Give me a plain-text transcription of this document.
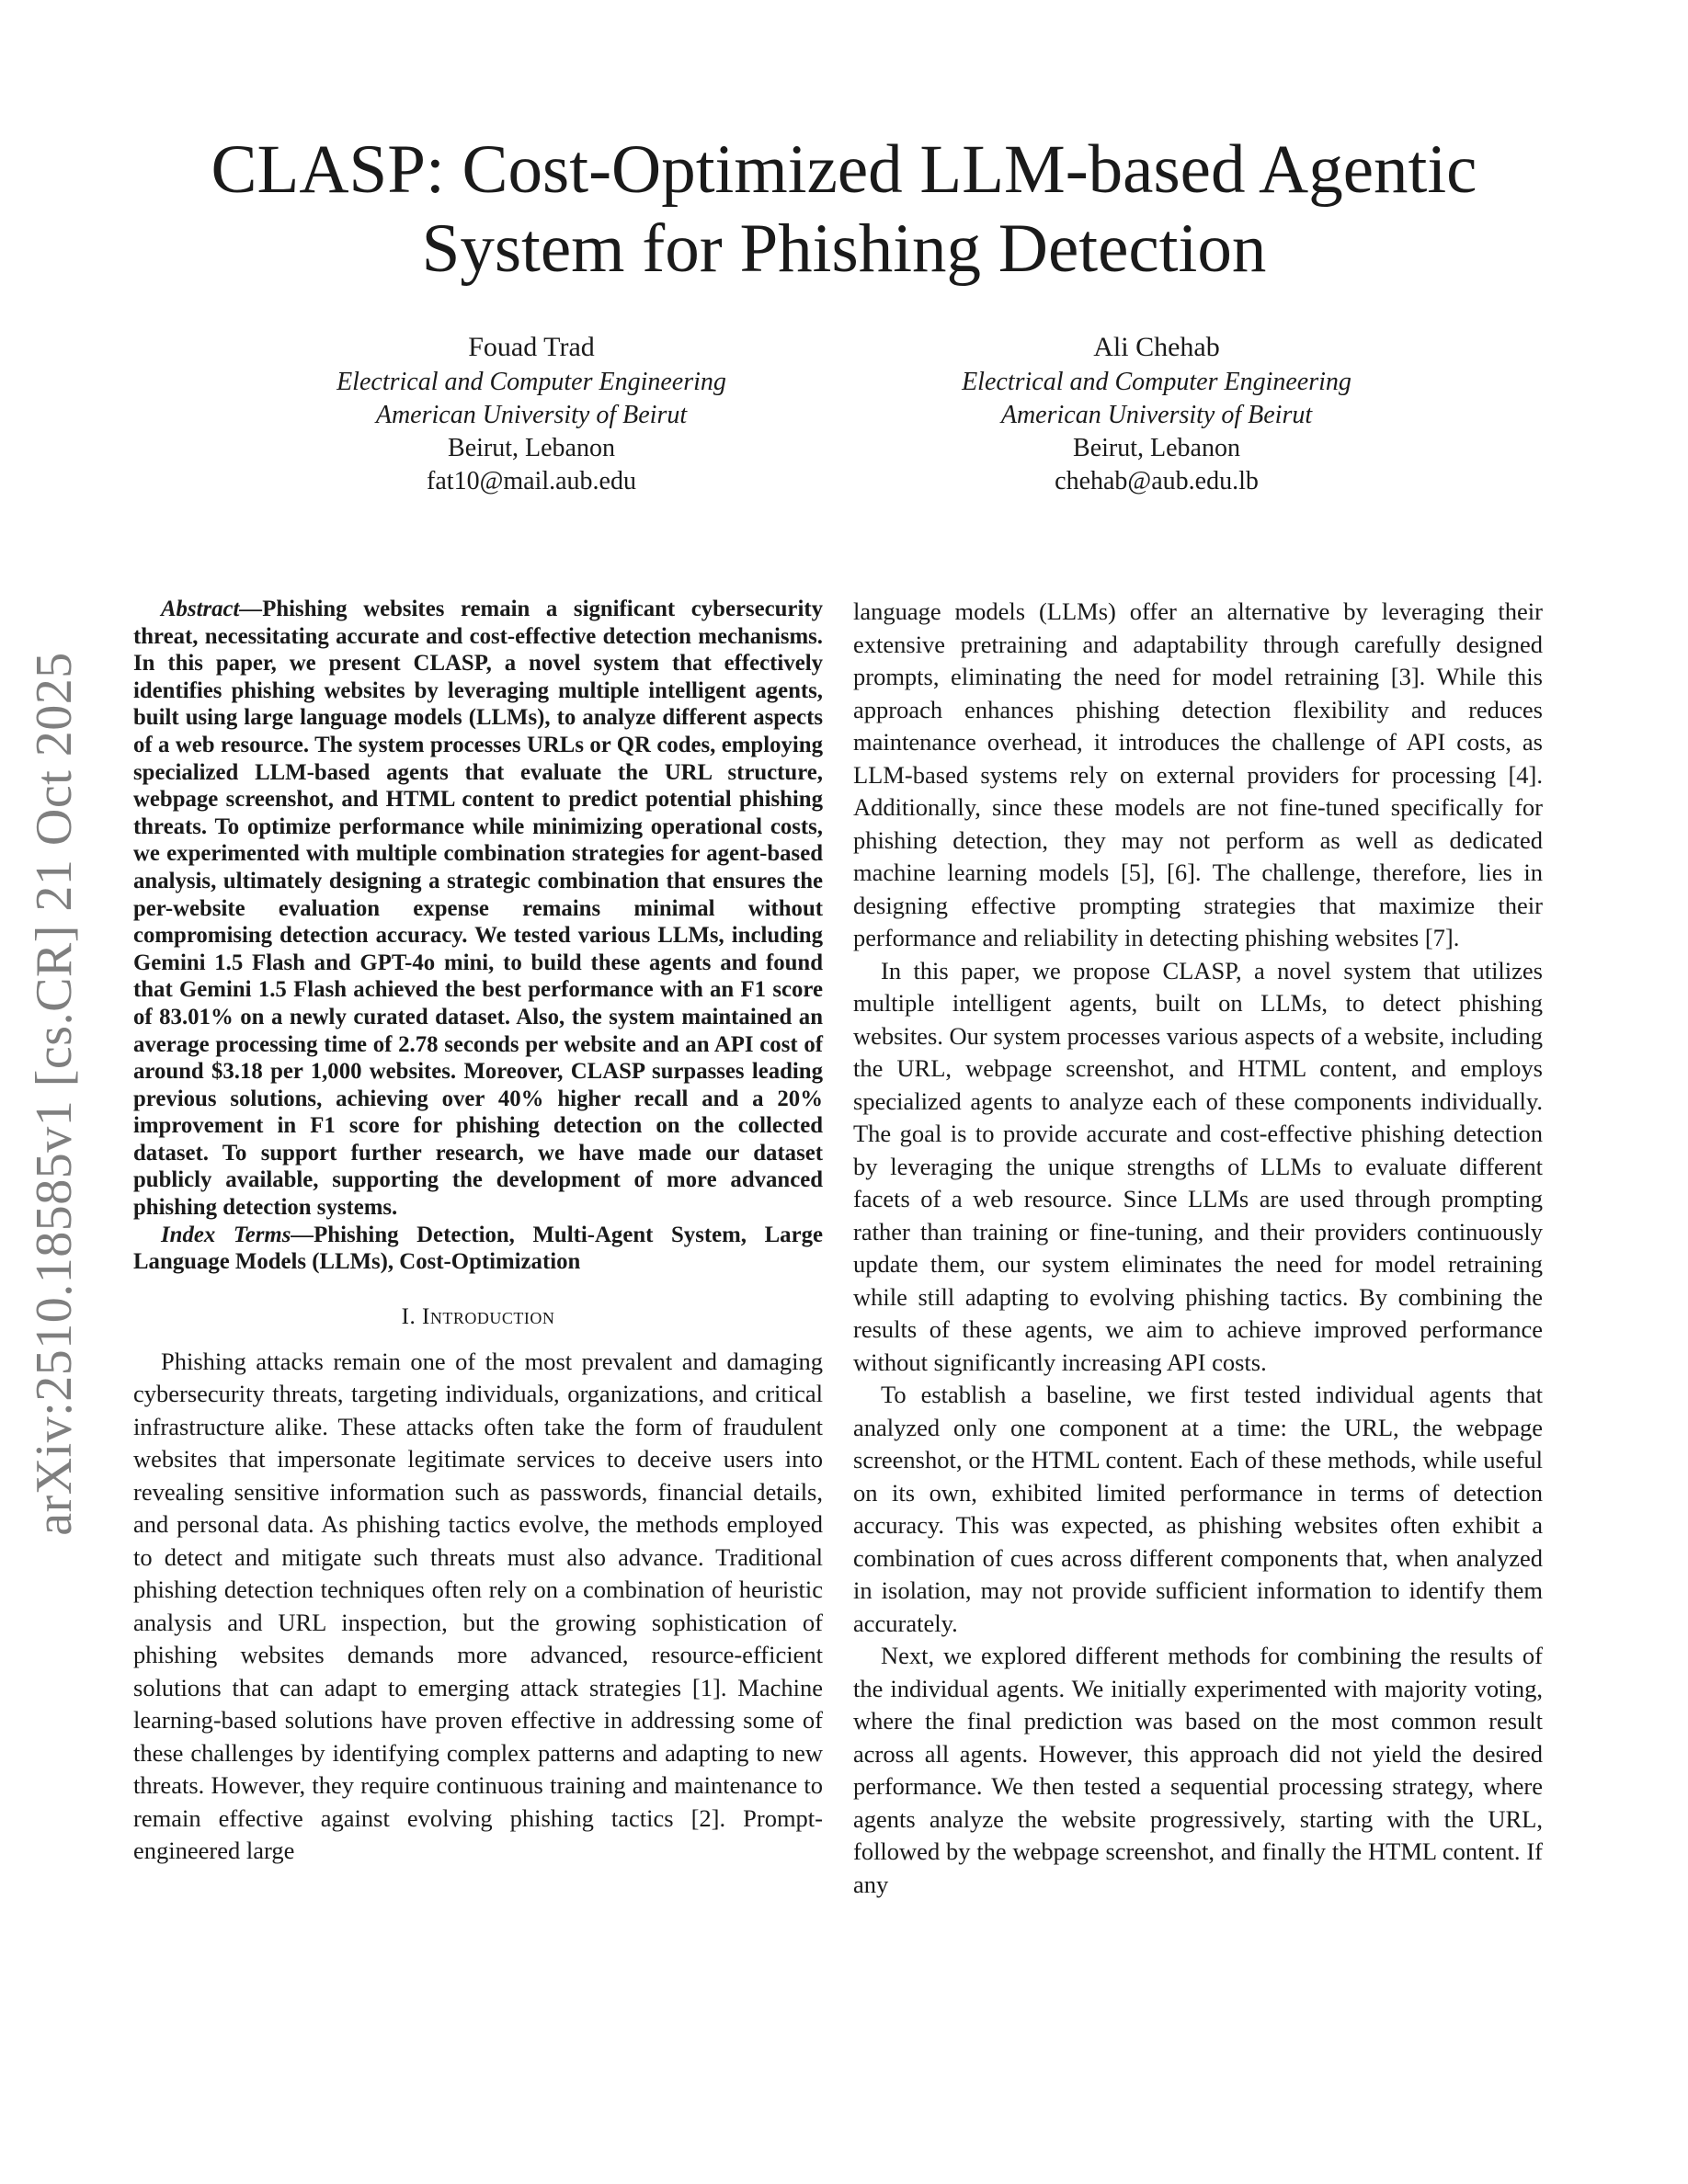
arXiv:2510.18585v1 [cs.CR] 21 Oct 2025
CLASP: Cost-Optimized LLM-based Agentic System for Phishing Detection
Fouad Trad
Electrical and Computer Engineering
American University of Beirut
Beirut, Lebanon
fat10@mail.aub.edu
Ali Chehab
Electrical and Computer Engineering
American University of Beirut
Beirut, Lebanon
chehab@aub.edu.lb

Abstract—Phishing websites remain a significant cybersecurity threat, necessitating accurate and cost-effective detection mechanisms. In this paper, we present CLASP, a novel system that effectively identifies phishing websites by leveraging multiple intelligent agents, built using large language models (LLMs), to analyze different aspects of a web resource. The system processes URLs or QR codes, employing specialized LLM-based agents that evaluate the URL structure, webpage screenshot, and HTML content to predict potential phishing threats. To optimize performance while minimizing operational costs, we experimented with multiple combination strategies for agent-based analysis, ultimately designing a strategic combination that ensures the per-website evaluation expense remains minimal without compromising detection accuracy. We tested various LLMs, including Gemini 1.5 Flash and GPT-4o mini, to build these agents and found that Gemini 1.5 Flash achieved the best performance with an F1 score of 83.01% on a newly curated dataset. Also, the system maintained an average processing time of 2.78 seconds per website and an API cost of around $3.18 per 1,000 websites. Moreover, CLASP surpasses leading previous solutions, achieving over 40% higher recall and a 20% improvement in F1 score for phishing detection on the collected dataset. To support further research, we have made our dataset publicly available, supporting the development of more advanced phishing detection systems.

Index Terms—Phishing Detection, Multi-Agent System, Large Language Models (LLMs), Cost-Optimization

I. Introduction

Phishing attacks remain one of the most prevalent and damaging cybersecurity threats, targeting individuals, organizations, and critical infrastructure alike. These attacks often take the form of fraudulent websites that impersonate legitimate services to deceive users into revealing sensitive information such as passwords, financial details, and personal data. As phishing tactics evolve, the methods employed to detect and mitigate such threats must also advance. Traditional phishing detection techniques often rely on a combination of heuristic analysis and URL inspection, but the growing sophistication of phishing websites demands more advanced, resource-efficient solutions that can adapt to emerging attack strategies [1]. Machine learning-based solutions have proven effective in addressing some of these challenges by identifying complex patterns and adapting to new threats. However, they require continuous training and maintenance to remain effective against evolving phishing tactics [2]. Prompt-engineered large

language models (LLMs) offer an alternative by leveraging their extensive pretraining and adaptability through carefully designed prompts, eliminating the need for model retraining [3]. While this approach enhances phishing detection flexibility and reduces maintenance overhead, it introduces the challenge of API costs, as LLM-based systems rely on external providers for processing [4]. Additionally, since these models are not fine-tuned specifically for phishing detection, they may not perform as well as dedicated machine learning models [5], [6]. The challenge, therefore, lies in designing effective prompting strategies that maximize their performance and reliability in detecting phishing websites [7].

In this paper, we propose CLASP, a novel system that utilizes multiple intelligent agents, built on LLMs, to detect phishing websites. Our system processes various aspects of a website, including the URL, webpage screenshot, and HTML content, and employs specialized agents to analyze each of these components individually. The goal is to provide accurate and cost-effective phishing detection by leveraging the unique strengths of LLMs to evaluate different facets of a web resource. Since LLMs are used through prompting rather than training or fine-tuning, and their providers continuously update them, our system eliminates the need for model retraining while still adapting to evolving phishing tactics. By combining the results of these agents, we aim to achieve improved performance without significantly increasing API costs.

To establish a baseline, we first tested individual agents that analyzed only one component at a time: the URL, the webpage screenshot, or the HTML content. Each of these methods, while useful on its own, exhibited limited performance in terms of detection accuracy. This was expected, as phishing websites often exhibit a combination of cues across different components that, when analyzed in isolation, may not provide sufficient information to identify them accurately.

Next, we explored different methods for combining the results of the individual agents. We initially experimented with majority voting, where the final prediction was based on the most common result across all agents. However, this approach did not yield the desired performance. We then tested a sequential processing strategy, where agents analyze the website progressively, starting with the URL, followed by the webpage screenshot, and finally the HTML content. If any
